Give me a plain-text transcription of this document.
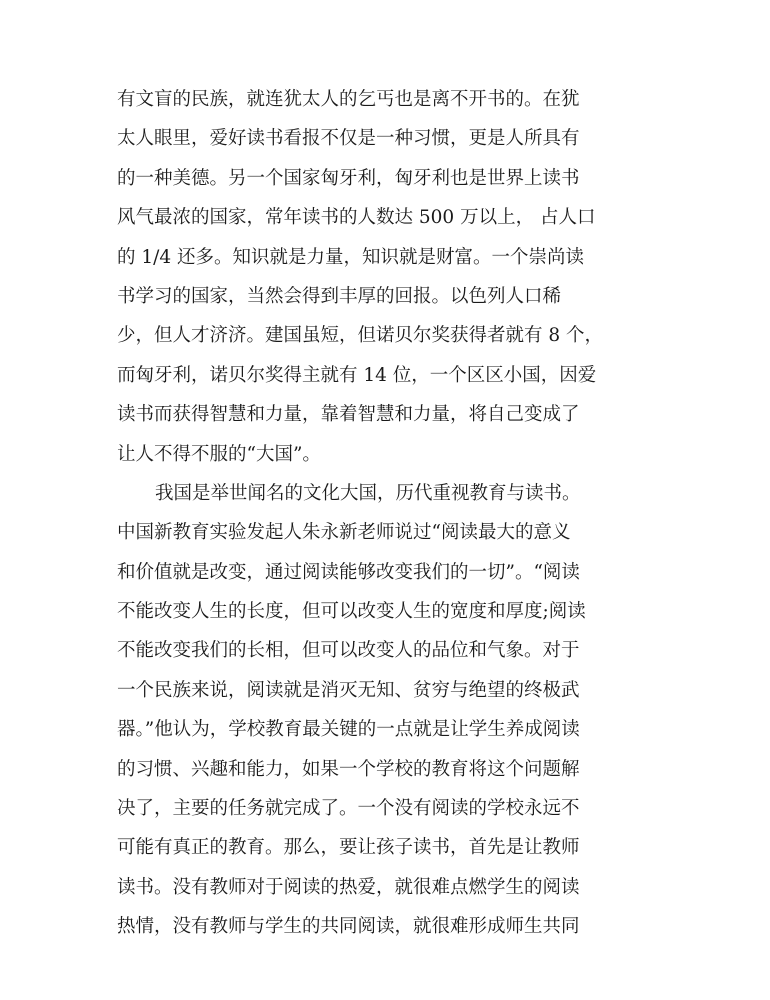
有文盲的民族，就连犹太人的乞丐也是离不开书的。在犹
太人眼里，爱好读书看报不仅是一种习惯，更是人所具有
的一种美德。另一个国家匈牙利，匈牙利也是世界上读书
风气最浓的国家，常年读书的人数达 500 万以上， 占人口
的 1/4 还多。知识就是力量，知识就是财富。一个崇尚读
书学习的国家，当然会得到丰厚的回报。以色列人口稀
少，但人才济济。建国虽短，但诺贝尔奖获得者就有 8 个，
而匈牙利，诺贝尔奖得主就有 14 位，一个区区小国，因爱
读书而获得智慧和力量，靠着智慧和力量，将自己变成了
让人不得不服的“大国”。
我国是举世闻名的文化大国，历代重视教育与读书。
中国新教育实验发起人朱永新老师说过“阅读最大的意义
和价值就是改变，通过阅读能够改变我们的一切”。“阅读
不能改变人生的长度，但可以改变人生的宽度和厚度;阅读
不能改变我们的长相，但可以改变人的品位和气象。对于
一个民族来说，阅读就是消灭无知、贫穷与绝望的终极武
器。”他认为，学校教育最关键的一点就是让学生养成阅读
的习惯、兴趣和能力，如果一个学校的教育将这个问题解
决了，主要的任务就完成了。一个没有阅读的学校永远不
可能有真正的教育。那么，要让孩子读书，首先是让教师
读书。没有教师对于阅读的热爱，就很难点燃学生的阅读
热情，没有教师与学生的共同阅读，就很难形成师生共同
